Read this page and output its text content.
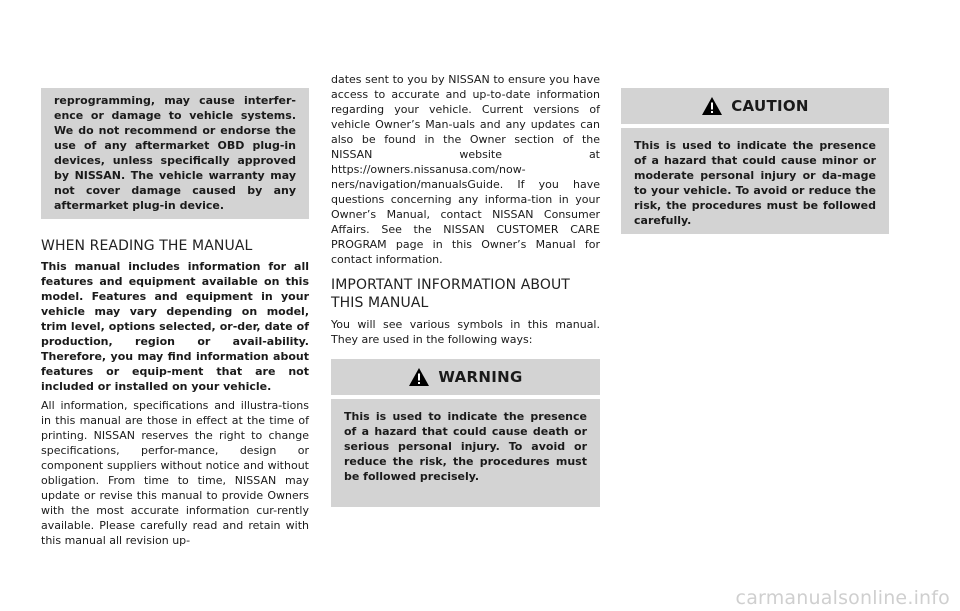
reprogramming, may cause interfer-ence or damage to vehicle systems. We do not recommend or endorse the use of any aftermarket OBD plug-in devices, unless specifically approved by NISSAN. The vehicle warranty may not cover damage caused by any aftermarket plug-in device.

WHEN READING THE MANUAL

This manual includes information for all features and equipment available on this model. Features and equipment in your vehicle may vary depending on model, trim level, options selected, or-der, date of production, region or avail-ability. Therefore, you may find information about features or equip-ment that are not included or installed on your vehicle.

All information, specifications and illustra-tions in this manual are those in effect at the time of printing. NISSAN reserves the right to change specifications, perfor-mance, design or component suppliers without notice and without obligation. From time to time, NISSAN may update or revise this manual to provide Owners with the most accurate information cur-rently available. Please carefully read and retain with this manual all revision up-

dates sent to you by NISSAN to ensure you have access to accurate and up-to-date information regarding your vehicle. Current versions of vehicle Owner’s Man-uals and any updates can also be found in the Owner section of the NISSAN website at https://owners.nissanusa.com/now-ners/navigation/manualsGuide. If you have questions concerning any informa-tion in your Owner’s Manual, contact NISSAN Consumer Affairs. See the NISSAN CUSTOMER CARE PROGRAM page in this Owner’s Manual for contact information.

IMPORTANT INFORMATION ABOUT
THIS MANUAL

You will see various symbols in this manual. They are used in the following ways:

WARNING

This is used to indicate the presence of a hazard that could cause death or serious personal injury. To avoid or reduce the risk, the procedures must be followed precisely.

CAUTION

This is used to indicate the presence of a hazard that could cause minor or moderate personal injury or da-mage to your vehicle. To avoid or reduce the risk, the procedures must be followed carefully.

carmanualsonline.info
